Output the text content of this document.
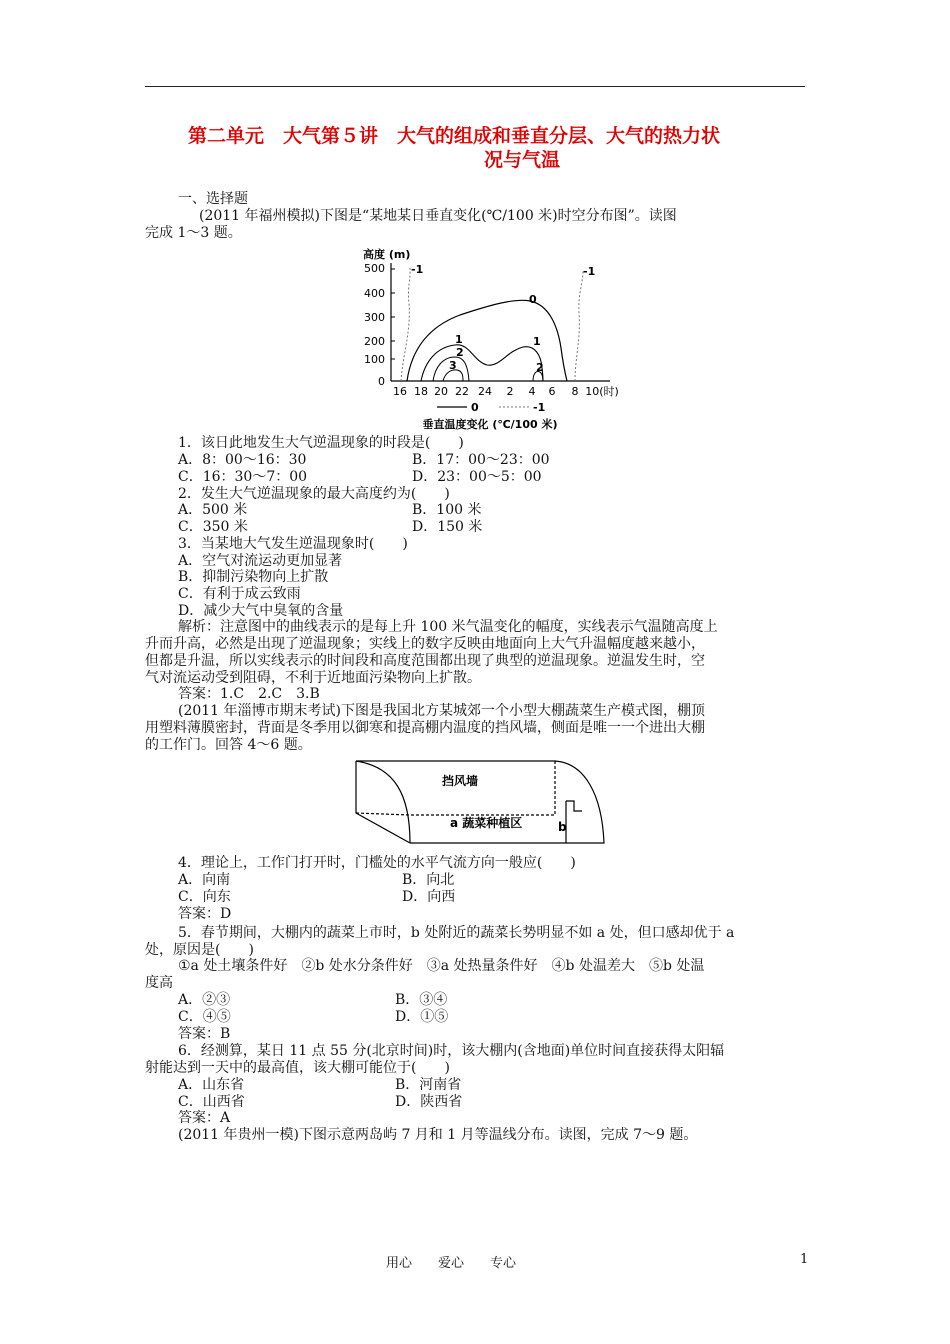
第二单元　大气第５讲　大气的组成和垂直分层、大气的热力状
况与气温
一、选择题
(2011 年福州模拟)下图是“某地某日垂直变化(℃/100 米)时空分布图”。读图
完成 1～3 题。
高度 (m)
500
400
300
200
100
0
16 18 20 22 24 2 4 6 8 10(时)
-1	-1
0
1	1
2
3	2
0	-1
垂直温度变化 (℃/100 米)
1．该日此地发生大气逆温现象的时段是(　　)
A．8：00～16：30	B．17：00～23：00
C．16：30～7：00	D．23：00～5：00
2．发生大气逆温现象的最大高度约为(　　)
A．500 米	B．100 米
C．350 米	D．150 米
3．当某地大气发生逆温现象时(　　)
A．空气对流运动更加显著
B．抑制污染物向上扩散
C．有利于成云致雨
D．减少大气中臭氧的含量
解析：注意图中的曲线表示的是每上升 100 米气温变化的幅度，实线表示气温随高度上
升而升高，必然是出现了逆温现象；实线上的数字反映由地面向上大气升温幅度越来越小，
但都是升温，所以实线表示的时间段和高度范围都出现了典型的逆温现象。逆温发生时，空
气对流运动受到阻碍，不利于近地面污染物向上扩散。
答案：1.C　2.C　3.B
(2011 年淄博市期末考试)下图是我国北方某城郊一个小型大棚蔬菜生产模式图，棚顶
用塑料薄膜密封，背面是冬季用以御寒和提高棚内温度的挡风墙，侧面是唯一一个进出大棚
的工作门。回答 4～6 题。
挡风墙
a 蔬菜种植区	b
4．理论上，工作门打开时，门槛处的水平气流方向一般应(　　)
A．向南	B．向北
C．向东	D．向西
答案：D
5．春节期间，大棚内的蔬菜上市时，b 处附近的蔬菜长势明显不如 a 处，但口感却优于 a
处，原因是(　　)
①a 处土壤条件好　②b 处水分条件好　③a 处热量条件好　④b 处温差大　⑤b 处温
度高
A．②③	B．③④
C．④⑤	D．①⑤
答案：B
6．经测算，某日 11 点 55 分(北京时间)时，该大棚内(含地面)单位时间直接获得太阳辐
射能达到一天中的最高值，该大棚可能位于(　　)
A．山东省	B．河南省
C．山西省	D．陕西省
答案：A
(2011 年贵州一模)下图示意两岛屿 7 月和 1 月等温线分布。读图，完成 7～9 题。
用心　　爱心　　专心	1
